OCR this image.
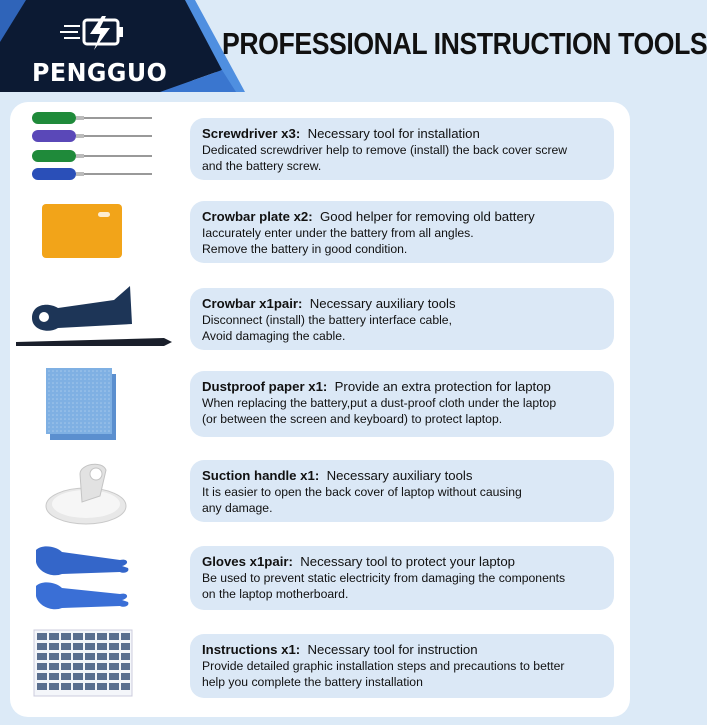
PENGGUO
PROFESSIONAL INSTRUCTION TOOLS
Screwdriver x3: Necessary tool for installation
Dedicated screwdriver help to remove (install) the back cover screw
and the battery screw.
Crowbar plate x2: Good helper for removing old battery
Iaccurately enter under the battery from all angles.
Remove the battery in good condition.
Crowbar x1pair: Necessary auxiliary tools
Disconnect (install) the battery interface cable,
Avoid damaging the cable.
Dustproof paper x1: Provide an extra protection for laptop
When replacing the battery,put a dust-proof cloth under the laptop
(or between the screen and keyboard) to protect laptop.
Suction handle x1: Necessary auxiliary tools
It is easier to open the back cover of laptop without causing
any damage.
Gloves x1pair: Necessary tool to protect your laptop
Be used to prevent static electricity from damaging the components
on the laptop motherboard.
Instructions x1: Necessary tool for instruction
Provide detailed graphic installation steps and precautions to better
help you complete the battery installation
